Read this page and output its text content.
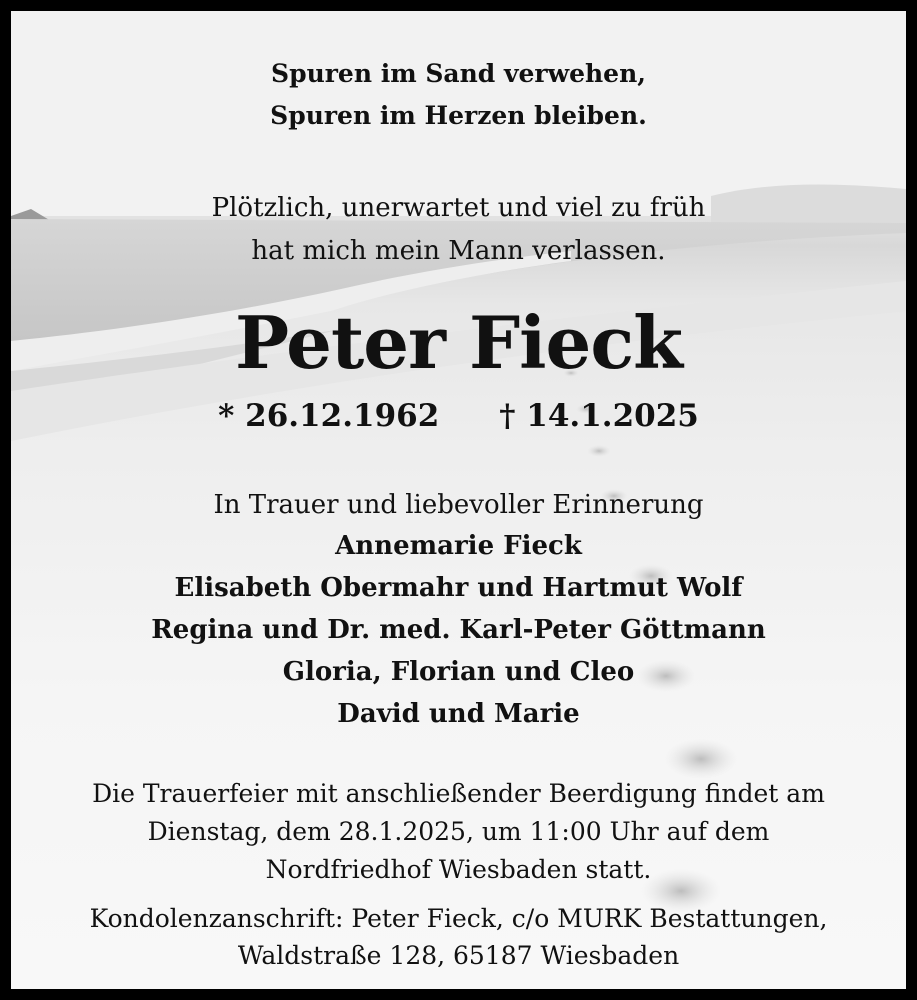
Spuren im Sand verwehen,
Spuren im Herzen bleiben.
Plötzlich, unerwartet und viel zu früh
hat mich mein Mann verlassen.
Peter Fieck
* 26.12.1962 † 14.1.2025
In Trauer und liebevoller Erinnerung
Annemarie Fieck
Elisabeth Obermahr und Hartmut Wolf
Regina und Dr. med. Karl-Peter Göttmann
Gloria, Florian und Cleo
David und Marie
Die Trauerfeier mit anschließender Beerdigung findet am
Dienstag, dem 28.1.2025, um 11:00 Uhr auf dem
Nordfriedhof Wiesbaden statt.
Kondolenzanschrift: Peter Fieck, c/o MURK Bestattungen,
Waldstraße 128, 65187 Wiesbaden
